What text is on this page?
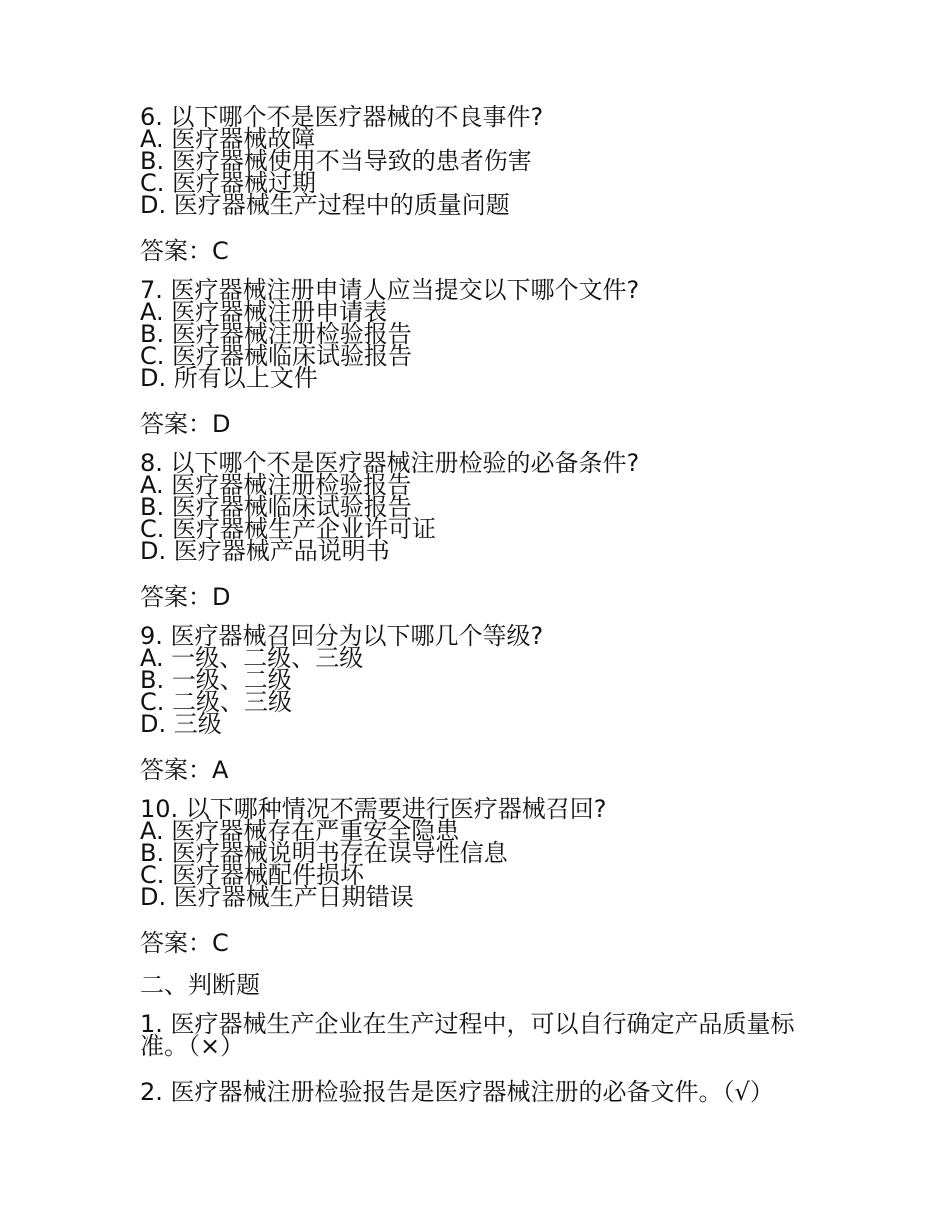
6. 以下哪个不是医疗器械的不良事件?

A. 医疗器械故障

B. 医疗器械使用不当导致的患者伤害

C. 医疗器械过期

D. 医疗器械生产过程中的质量问题

答案：C

7. 医疗器械注册申请人应当提交以下哪个文件?

A. 医疗器械注册申请表

B. 医疗器械注册检验报告

C. 医疗器械临床试验报告

D. 所有以上文件

答案：D

8. 以下哪个不是医疗器械注册检验的必备条件?

A. 医疗器械注册检验报告

B. 医疗器械临床试验报告

C. 医疗器械生产企业许可证

D. 医疗器械产品说明书

答案：D

9. 医疗器械召回分为以下哪几个等级?

A. 一级、二级、三级

B. 一级、二级

C. 二级、三级

D. 三级

答案：A

10. 以下哪种情况不需要进行医疗器械召回?

A. 医疗器械存在严重安全隐患

B. 医疗器械说明书存在误导性信息

C. 医疗器械配件损坏

D. 医疗器械生产日期错误

答案：C

二、判断题

1. 医疗器械生产企业在生产过程中，可以自行确定产品质量标准。（×）

2. 医疗器械注册检验报告是医疗器械注册的必备文件。（√）
